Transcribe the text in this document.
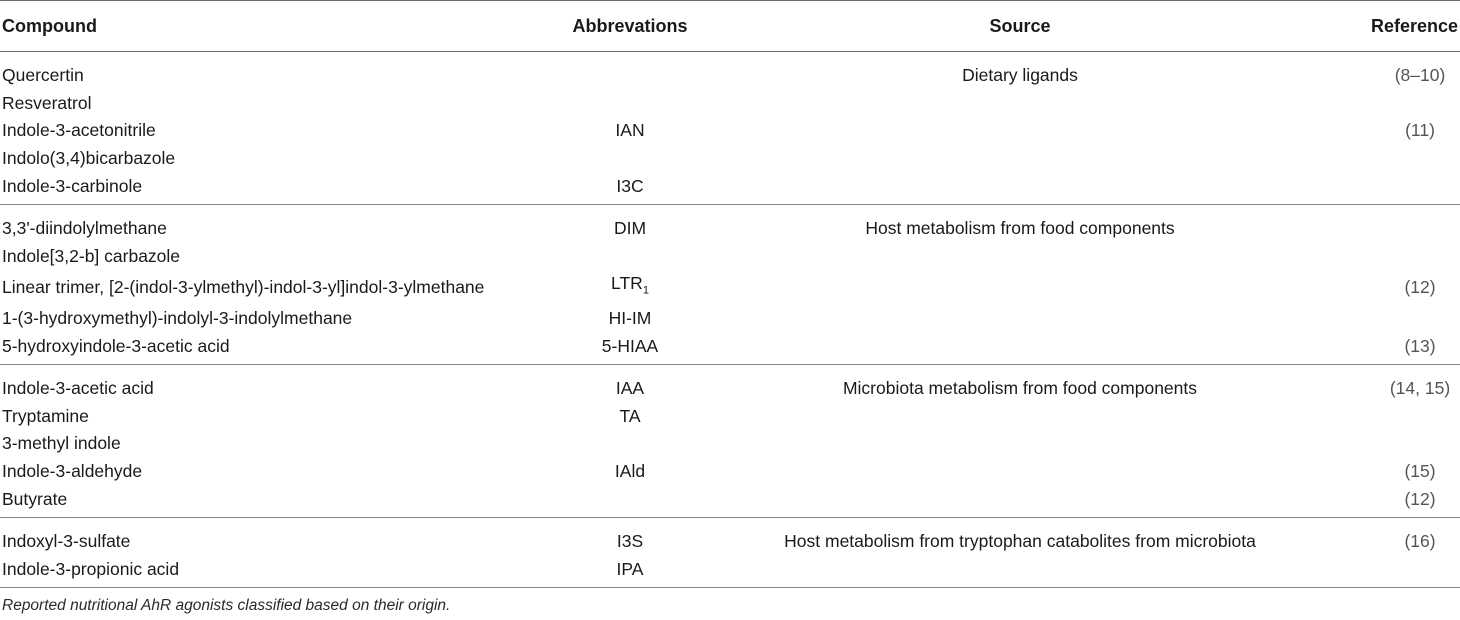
Compound	Abbrevations	Source	Reference
Quercertin		Dietary ligands	(8–10)
Resveratrol			
Indole-3-acetonitrile	IAN		(11)
Indolo(3,4)bicarbazole			
Indole-3-carbinole	I3C		
3,3'-diindolylmethane	DIM	Host metabolism from food components	
Indole[3,2-b] carbazole			
Linear trimer, [2-(indol-3-ylmethyl)-indol-3-yl]indol-3-ylmethane	$LTR_1$		(12)
1-(3-hydroxymethyl)-indolyl-3-indolylmethane	HI-IM		
5-hydroxyindole-3-acetic acid	5-HIAA		(13)
Indole-3-acetic acid	IAA	Microbiota metabolism from food components	(14, 15)
Tryptamine	TA		
3-methyl indole			
Indole-3-aldehyde	IAld		(15)
Butyrate			(12)
Indoxyl-3-sulfate	I3S	Host metabolism from tryptophan catabolites from microbiota	(16)
Indole-3-propionic acid	IPA		
Reported nutritional AhR agonists classified based on their origin.
